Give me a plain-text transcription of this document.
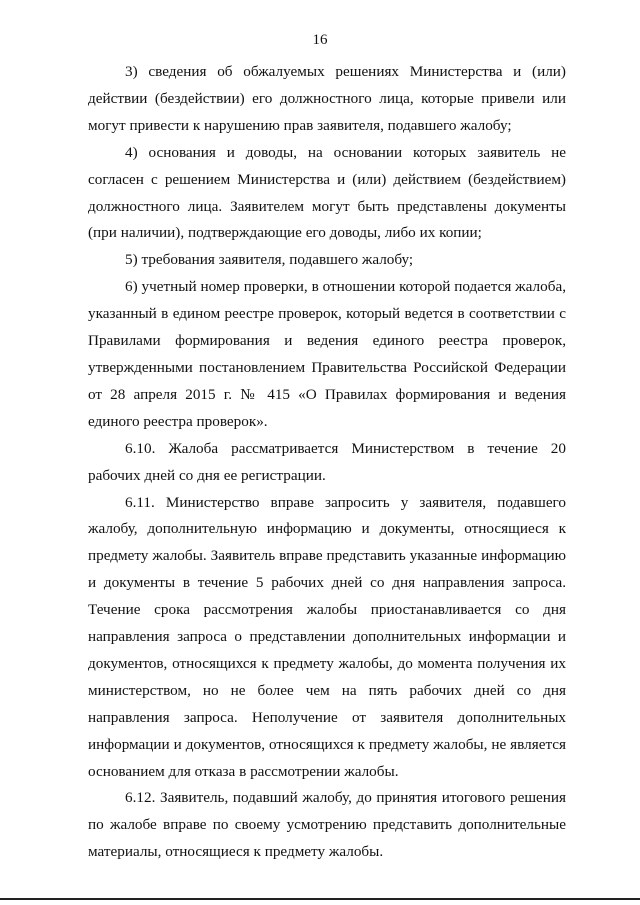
16

3) сведения об обжалуемых решениях Министерства и (или) действии (бездействии) его должностного лица, которые привели или могут привести к нарушению прав заявителя, подавшего жалобу;

4) основания и доводы, на основании которых заявитель не согласен с решением Министерства и (или) действием (бездействием) должностного лица. Заявителем могут быть представлены документы (при наличии), подтверждающие его доводы, либо их копии;

5) требования заявителя, подавшего жалобу;

6) учетный номер проверки, в отношении которой подается жалоба, указанный в едином реестре проверок, который ведется в соответствии с Правилами формирования и ведения единого реестра проверок, утвержденными постановлением Правительства Российской Федерации от 28 апреля 2015 г. № 415 «О Правилах формирования и ведения единого реестра проверок».

6.10. Жалоба рассматривается Министерством в течение 20 рабочих дней со дня ее регистрации.

6.11. Министерство вправе запросить у заявителя, подавшего жалобу, дополнительную информацию и документы, относящиеся к предмету жалобы. Заявитель вправе представить указанные информацию и документы в течение 5 рабочих дней со дня направления запроса. Течение срока рассмотрения жалобы приостанавливается со дня направления запроса о представлении дополнительных информации и документов, относящихся к предмету жалобы, до момента получения их министерством, но не более чем на пять рабочих дней со дня направления запроса. Неполучение от заявителя дополнительных информации и документов, относящихся к предмету жалобы, не является основанием для отказа в рассмотрении жалобы.

6.12. Заявитель, подавший жалобу, до принятия итогового решения по жалобе вправе по своему усмотрению представить дополнительные материалы, относящиеся к предмету жалобы.
